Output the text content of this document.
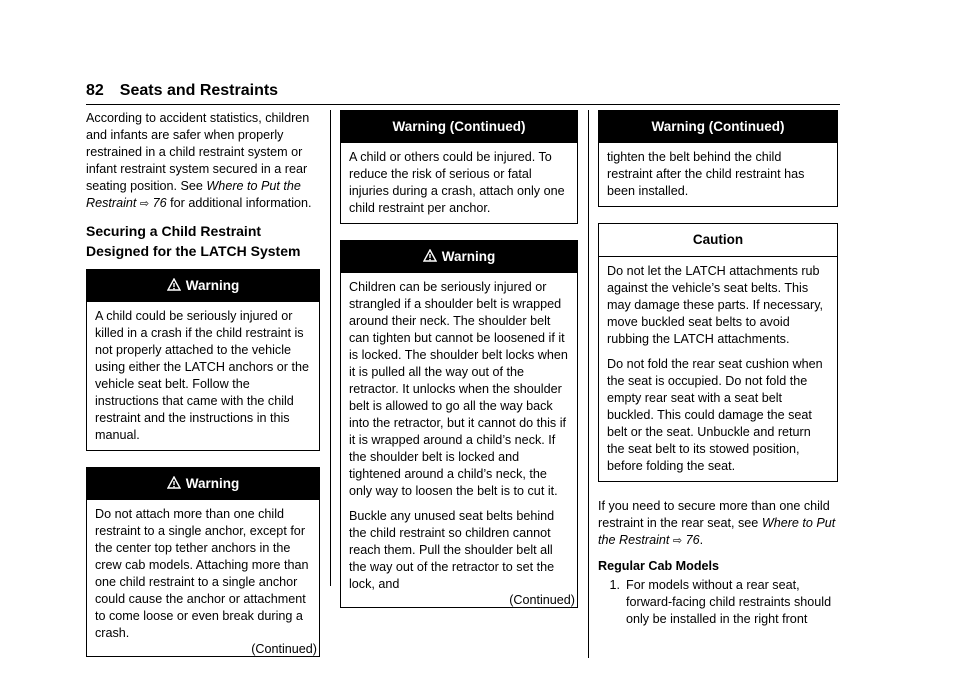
82 Seats and Restraints

According to accident statistics, children and infants are safer when properly restrained in a child restraint system or infant restraint system secured in a rear seating position. See Where to Put the Restraint ⇨ 76 for additional information.

Securing a Child Restraint Designed for the LATCH System
Warning

A child could be seriously injured or killed in a crash if the child restraint is not properly attached to the vehicle using either the LATCH anchors or the vehicle seat belt. Follow the instructions that came with the child restraint and the instructions in this manual.

Warning

Do not attach more than one child restraint to a single anchor, except for the center top tether anchors in the crew cab models. Attaching more than one child restraint to a single anchor could cause the anchor or attachment to come loose or even break during a crash.

(Continued)
Warning (Continued)

A child or others could be injured. To reduce the risk of serious or fatal injuries during a crash, attach only one child restraint per anchor.

Warning

Children can be seriously injured or strangled if a shoulder belt is wrapped around their neck. The shoulder belt can tighten but cannot be loosened if it is locked. The shoulder belt locks when it is pulled all the way out of the retractor. It unlocks when the shoulder belt is allowed to go all the way back into the retractor, but it cannot do this if it is wrapped around a child’s neck. If the shoulder belt is locked and tightened around a child’s neck, the only way to loosen the belt is to cut it.

Buckle any unused seat belts behind the child restraint so children cannot reach them. Pull the shoulder belt all the way out of the retractor to set the lock, and

(Continued)
Warning (Continued)

tighten the belt behind the child restraint after the child restraint has been installed.

Caution

Do not let the LATCH attachments rub against the vehicle’s seat belts. This may damage these parts. If necessary, move buckled seat belts to avoid rubbing the LATCH attachments.

Do not fold the rear seat cushion when the seat is occupied. Do not fold the empty rear seat with a seat belt buckled. This could damage the seat belt or the seat. Unbuckle and return the seat belt to its stowed position, before folding the seat.

If you need to secure more than one child restraint in the rear seat, see Where to Put the Restraint ⇨ 76.

Regular Cab Models
1. For models without a rear seat, forward-facing child restraints should only be installed in the right front
